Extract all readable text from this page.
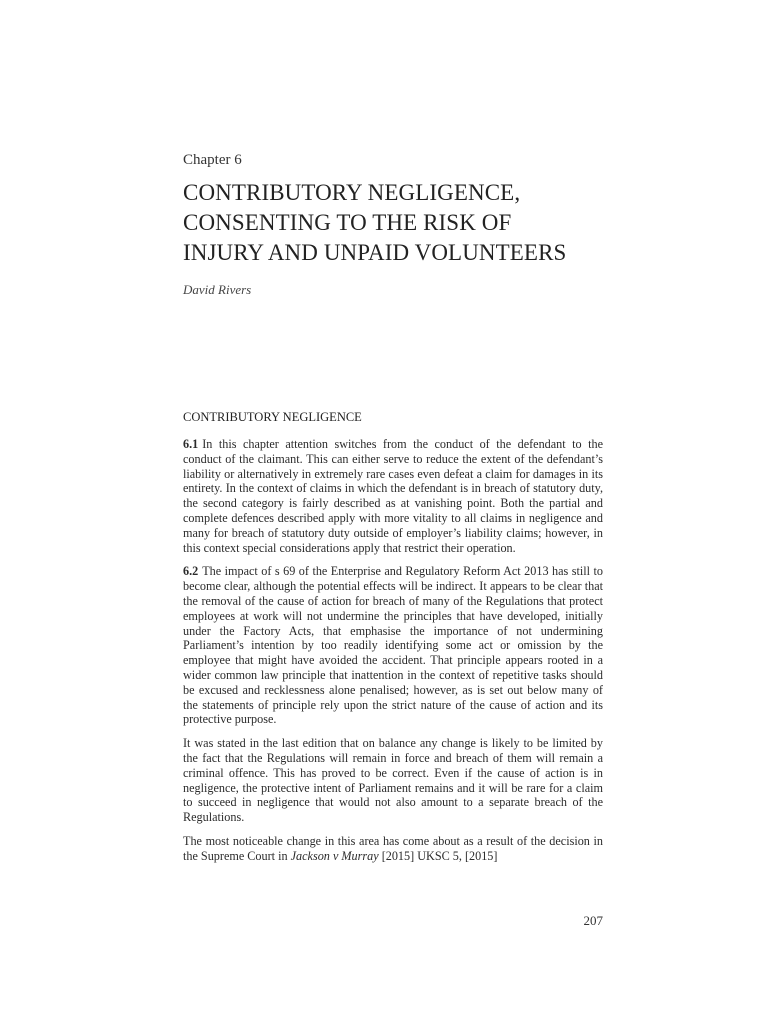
Chapter 6
CONTRIBUTORY NEGLIGENCE,
CONSENTING TO THE RISK OF
INJURY AND UNPAID VOLUNTEERS
David Rivers
CONTRIBUTORY NEGLIGENCE

6.1 In this chapter attention switches from the conduct of the defendant to the conduct of the claimant. This can either serve to reduce the extent of the defendant’s liability or alternatively in extremely rare cases even defeat a claim for damages in its entirety. In the context of claims in which the defendant is in breach of statutory duty, the second category is fairly described as at vanishing point. Both the partial and complete defences described apply with more vitality to all claims in negligence and many for breach of statutory duty outside of employer’s liability claims; however, in this context special considerations apply that restrict their operation.

6.2 The impact of s 69 of the Enterprise and Regulatory Reform Act 2013 has still to become clear, although the potential effects will be indirect. It appears to be clear that the removal of the cause of action for breach of many of the Regulations that protect employees at work will not undermine the principles that have developed, initially under the Factory Acts, that emphasise the importance of not undermining Parliament’s intention by too readily identifying some act or omission by the employee that might have avoided the accident. That principle appears rooted in a wider common law principle that inattention in the context of repetitive tasks should be excused and recklessness alone penalised; however, as is set out below many of the statements of principle rely upon the strict nature of the cause of action and its protective purpose.

It was stated in the last edition that on balance any change is likely to be limited by the fact that the Regulations will remain in force and breach of them will remain a criminal offence. This has proved to be correct. Even if the cause of action is in negligence, the protective intent of Parliament remains and it will be rare for a claim to succeed in negligence that would not also amount to a separate breach of the Regulations.

The most noticeable change in this area has come about as a result of the decision in the Supreme Court in Jackson v Murray [2015] UKSC 5, [2015]

207
